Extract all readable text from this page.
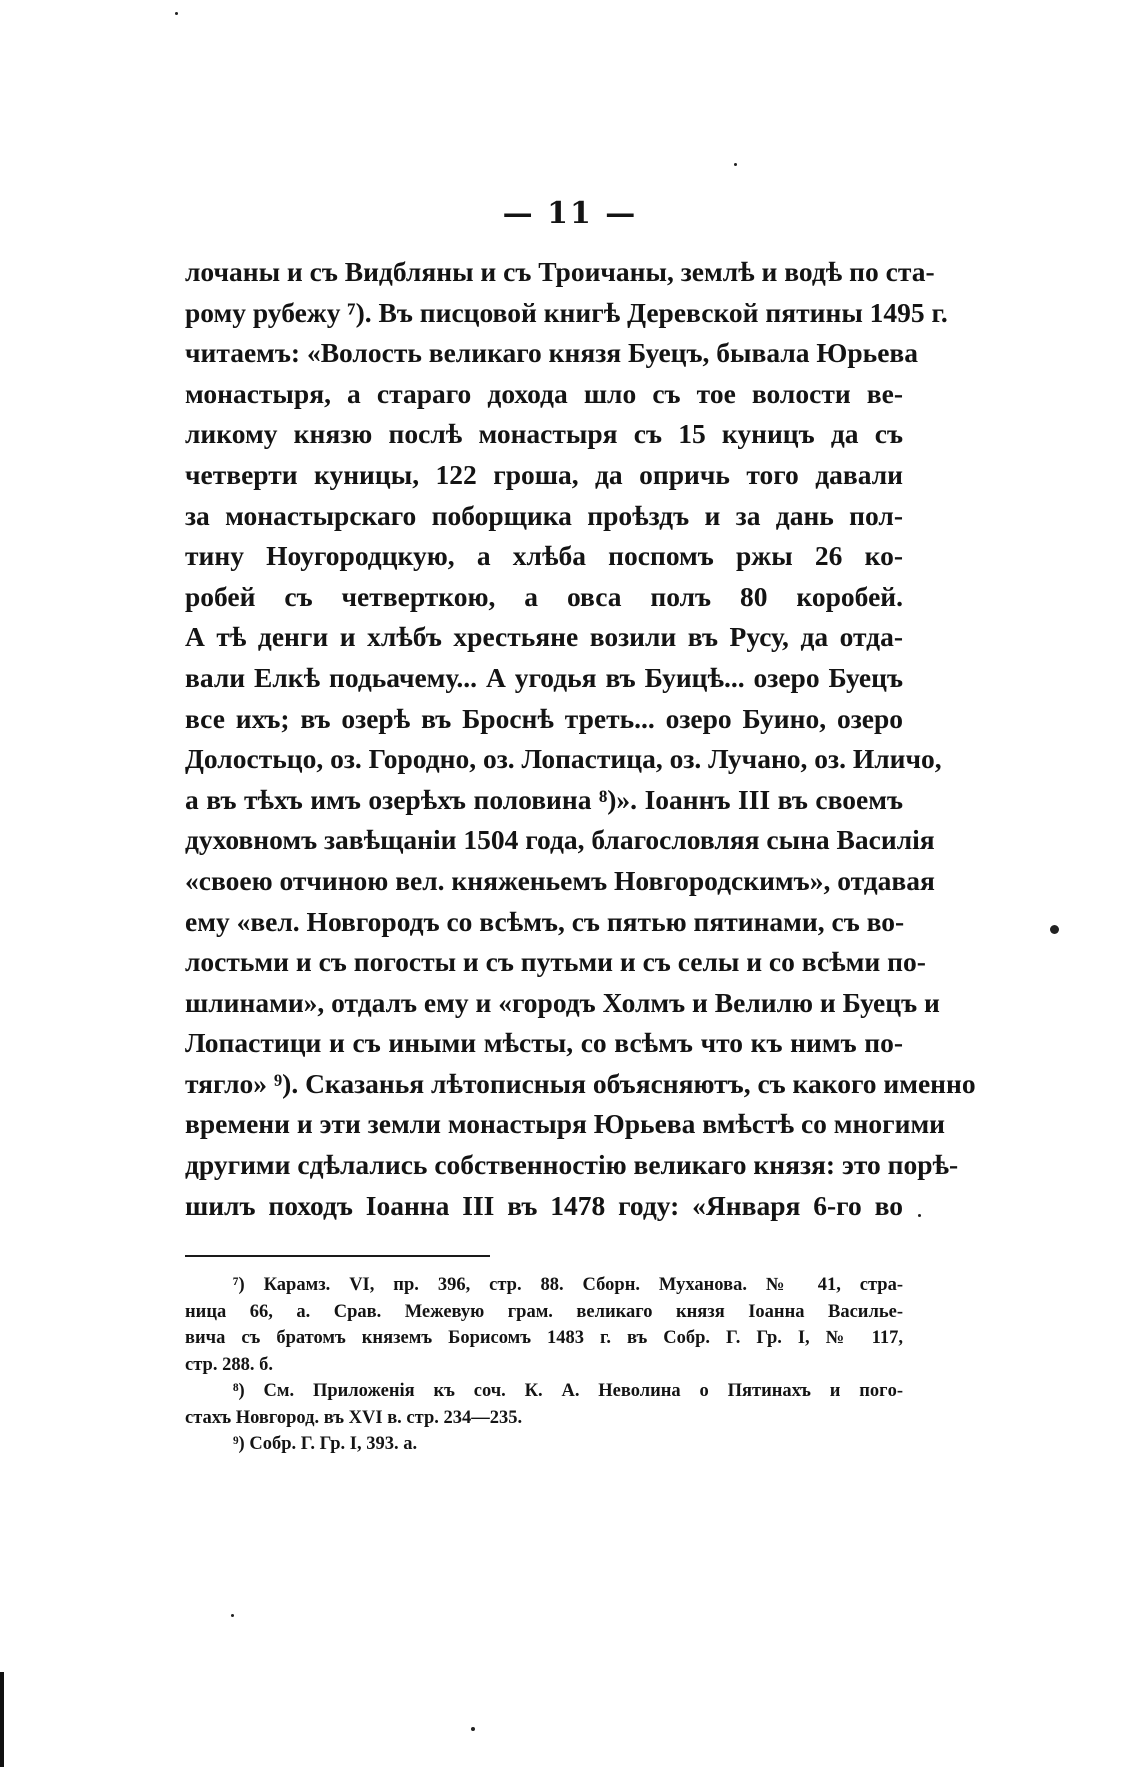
— 11 —
лочаны и съ Видбляны и съ Троичаны, землѣ и водѣ по ста-
рому рубежу ⁷). Въ писцовой книгѣ Деревской пятины 1495 г.
читаемъ: «Волость великаго князя Буецъ, бывала Юрьева
монастыря, а стараго дохода шло съ тое волости ве-
ликому князю послѣ монастыря съ 15 куницъ да съ
четверти куницы, 122 гроша, да опричь того давали
за монастырскаго поборщика проѣздъ и за дань пол-
тину Ноугородцкую, а хлѣба поспомъ ржы 26 ко-
робей съ четверткою, а овса полъ 80 коробей.
А тѣ денги и хлѣбъ хрестьяне возили въ Русу, да отда-
вали Елкѣ подьачему... А угодья въ Буицѣ... озеро Буецъ
все ихъ; въ озерѣ въ Броснѣ треть... озеро Буино, озеро
Долостьцо, оз. Городно, оз. Лопастица, оз. Лучано, оз. Иличо,
а въ тѣхъ имъ озерѣхъ половина ⁸)». Іоаннъ III въ своемъ
духовномъ завѣщаніи 1504 года, благословляя сына Василія
«своею отчиною вел. княженьемъ Новгородскимъ», отдавая
ему «вел. Новгородъ со всѣмъ, съ пятью пятинами, съ во-
лостьми и съ погосты и съ путьми и съ селы и со всѣми по-
шлинами», отдалъ ему и «городъ Холмъ и Велилю и Буецъ и
Лопастици и съ иными мѣсты, со всѣмъ что къ нимъ по-
тягло» ⁹). Сказанья лѣтописныя объясняютъ, съ какого именно
времени и эти земли монастыря Юрьева вмѣстѣ со многими
другими сдѣлались собственностію великаго князя: это порѣ-
шилъ походъ Іоанна III въ 1478 году: «Января 6-го во
⁷) Карамз. VI, пр. 396, стр. 88. Сборн. Муханова. № 41, стра-
ница 66, а. Срав. Межевую грам. великаго князя Іоанна Васильe-
вича съ братомъ княземъ Борисомъ 1483 г. въ Собр. Г. Гр. I, № 117,
стр. 288. б.
⁸) См. Приложенія къ соч. К. А. Неволина о Пятинахъ и погo-
стахъ Новгород. въ XVI в. стр. 234—235.
⁹) Собр. Г. Гр. I, 393. а.
